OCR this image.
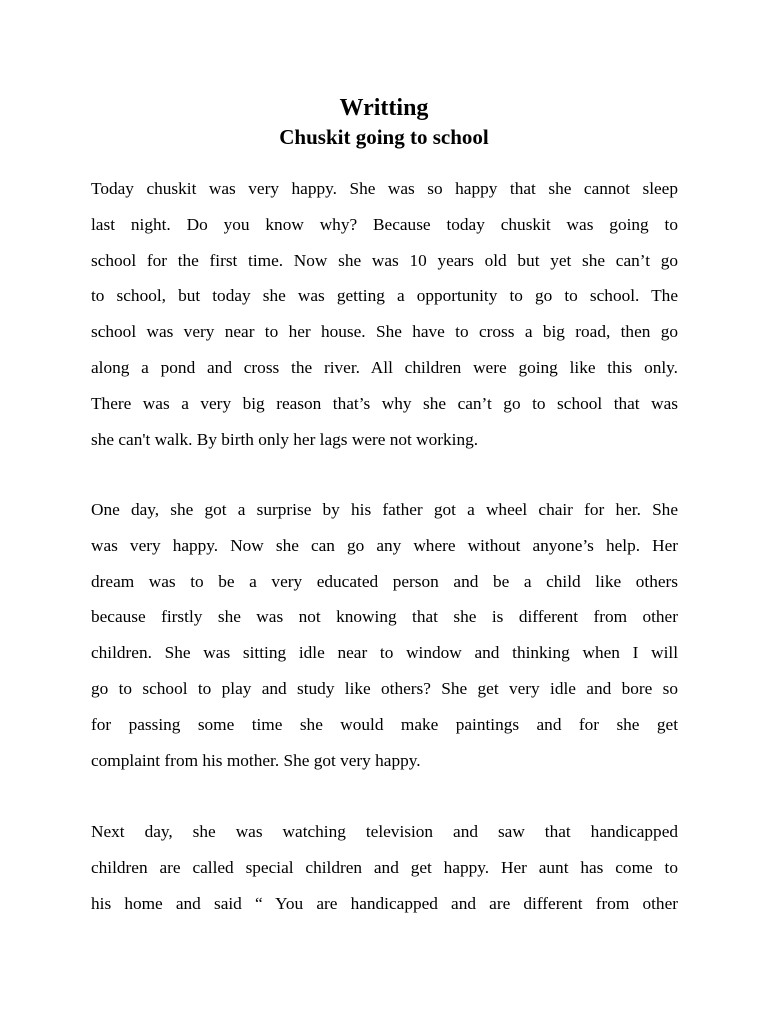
Writting
Chuskit going to school
Today chuskit was very happy. She was so happy that she cannot sleep
last night. Do you know why? Because today chuskit was going to
school for the first time. Now she was 10 years old but yet she can’t go
to school, but today she was getting a opportunity to go to school. The
school was very near to her house. She have to cross a big road, then go
along a pond and cross the river. All children were going like this only.
There was a very big reason that’s why she can’t go to school that was
she can't walk. By birth only her lags were not working.
One day, she got a surprise by his father got a wheel chair for her. She
was very happy. Now she can go any where without anyone’s help. Her
dream was to be a very educated person and be a child like others
because firstly she was not knowing that she is different from other
children. She was sitting idle near to window and thinking when I will
go to school to play and study like others? She get very idle and bore so
for passing some time she would make paintings and for she get
complaint from his mother. She got very happy.
Next day, she was watching television and saw that handicapped
children are called special children and get happy. Her aunt has come to
his home and said “ You are handicapped and are different from other
